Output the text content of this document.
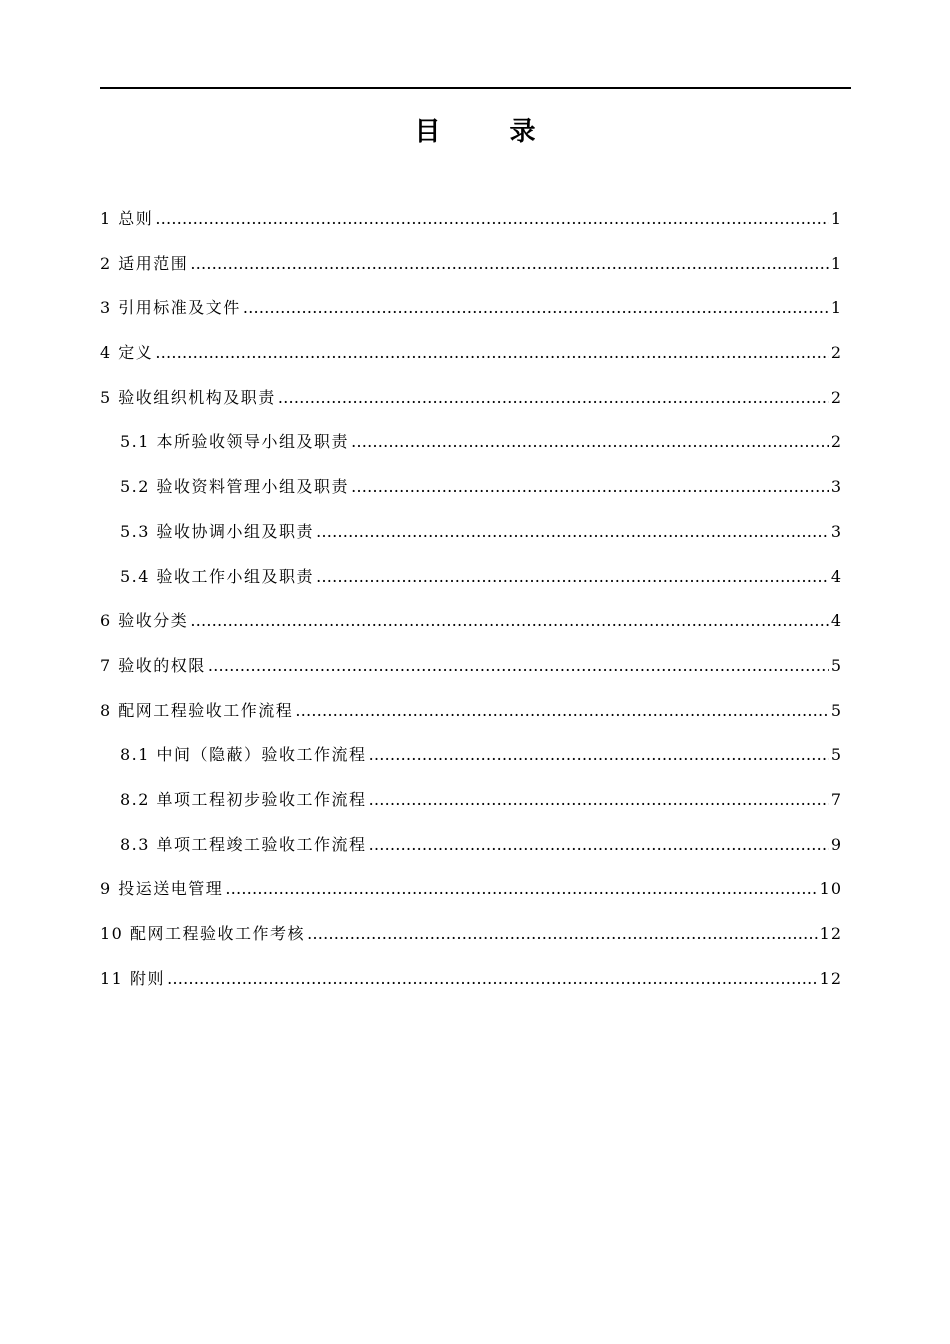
目 录
1 总则 …………………………………………………………………………………………………………………………………………………………………………………………………………………………	1
2 适用范围 …………………………………………………………………………………………………………………………………………………………………………………………………………………………	1
3 引用标准及文件 …………………………………………………………………………………………………………………………………………………………………………………………………………………………	1
4 定义 …………………………………………………………………………………………………………………………………………………………………………………………………………………………	2
5 验收组织机构及职责 …………………………………………………………………………………………………………………………………………………………………………………………………………………………	2
5.1 本所验收领导小组及职责 …………………………………………………………………………………………………………………………………………………………………………………………………………………………	2
5.2 验收资料管理小组及职责 …………………………………………………………………………………………………………………………………………………………………………………………………………………………	3
5.3 验收协调小组及职责 …………………………………………………………………………………………………………………………………………………………………………………………………………………………	3
5.4 验收工作小组及职责 …………………………………………………………………………………………………………………………………………………………………………………………………………………………	4
6 验收分类 …………………………………………………………………………………………………………………………………………………………………………………………………………………………	4
7 验收的权限 …………………………………………………………………………………………………………………………………………………………………………………………………………………………	5
8 配网工程验收工作流程 …………………………………………………………………………………………………………………………………………………………………………………………………………………………	5
8.1 中间（隐蔽）验收工作流程 …………………………………………………………………………………………………………………………………………………………………………………………………………………………	5
8.2 单项工程初步验收工作流程 …………………………………………………………………………………………………………………………………………………………………………………………………………………………	7
8.3 单项工程竣工验收工作流程 …………………………………………………………………………………………………………………………………………………………………………………………………………………………	9
9 投运送电管理 …………………………………………………………………………………………………………………………………………………………………………………………………………………………	10
10 配网工程验收工作考核 …………………………………………………………………………………………………………………………………………………………………………………………………………………………	12
11 附则 …………………………………………………………………………………………………………………………………………………………………………………………………………………………	12
